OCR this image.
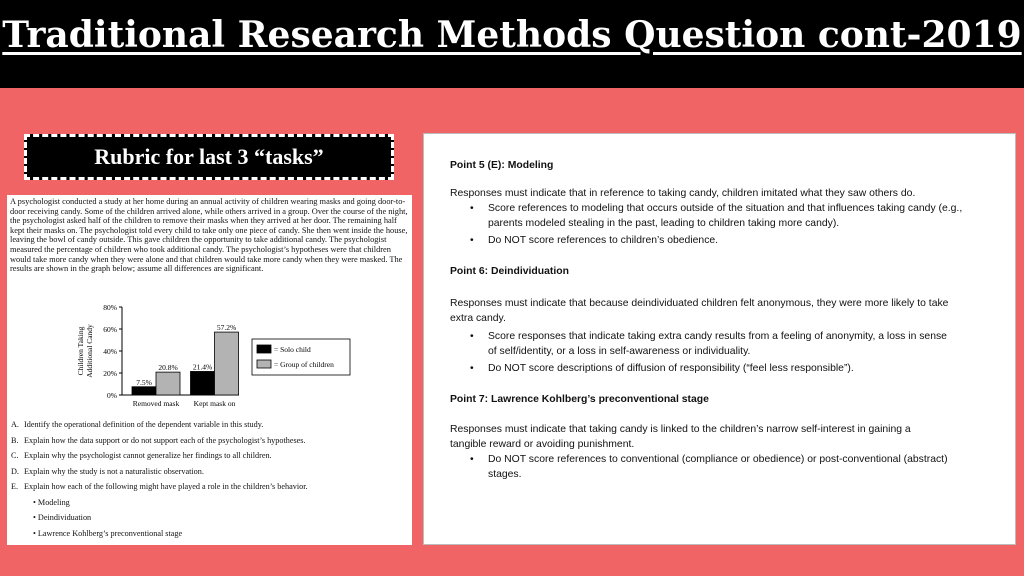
Traditional Research Methods Question cont-2019
Rubric for last 3 “tasks”

A psychologist conducted a study at her home during an annual activity of children wearing masks and going door-to-door receiving candy. Some of the children arrived alone, while others arrived in a group. Over the course of the night, the psychologist asked half of the children to remove their masks when they arrived at her door. The remaining half kept their masks on. The psychologist told every child to take only one piece of candy. She then went inside the house, leaving the bowl of candy outside. This gave children the opportunity to take additional candy. The psychologist measured the percentage of children who took additional candy. The psychologist’s hypotheses were that children would take more candy when they were alone and that children would take more candy when they were masked. The results are shown in the graph below; assume all differences are significant.

0%
20%
40%
60%
80%
Children Taking Additional Candy
7.5%
20.8%
Removed mask
21.4%
57.2%
Kept mask on
= Solo child
= Group of children
A. Identify the operational definition of the dependent variable in this study.
B. Explain how the data support or do not support each of the psychologist’s hypotheses.
C. Explain why the psychologist cannot generalize her findings to all children.
D. Explain why the study is not a naturalistic observation.
E. Explain how each of the following might have played a role in the children’s behavior.
• Modeling
• Deindividuation
• Lawrence Kohlberg’s preconventional stage
Point 5 (E): Modeling
Responses must indicate that in reference to taking candy, children imitated what they saw others do.
• Score references to modeling that occurs outside of the situation and that influences taking candy (e.g.,
parents modeled stealing in the past, leading to children taking more candy).
• Do NOT score references to children’s obedience.
Point 6: Deindividuation
Responses must indicate that because deindividuated children felt anonymous, they were more likely to take
extra candy.
• Score responses that indicate taking extra candy results from a feeling of anonymity, a loss in sense
of self/identity, or a loss in self-awareness or individuality.
• Do NOT score descriptions of diffusion of responsibility (“feel less responsible”).
Point 7: Lawrence Kohlberg’s preconventional stage
Responses must indicate that taking candy is linked to the children’s narrow self-interest in gaining a
tangible reward or avoiding punishment.
• Do NOT score references to conventional (compliance or obedience) or post-conventional (abstract)
stages.
